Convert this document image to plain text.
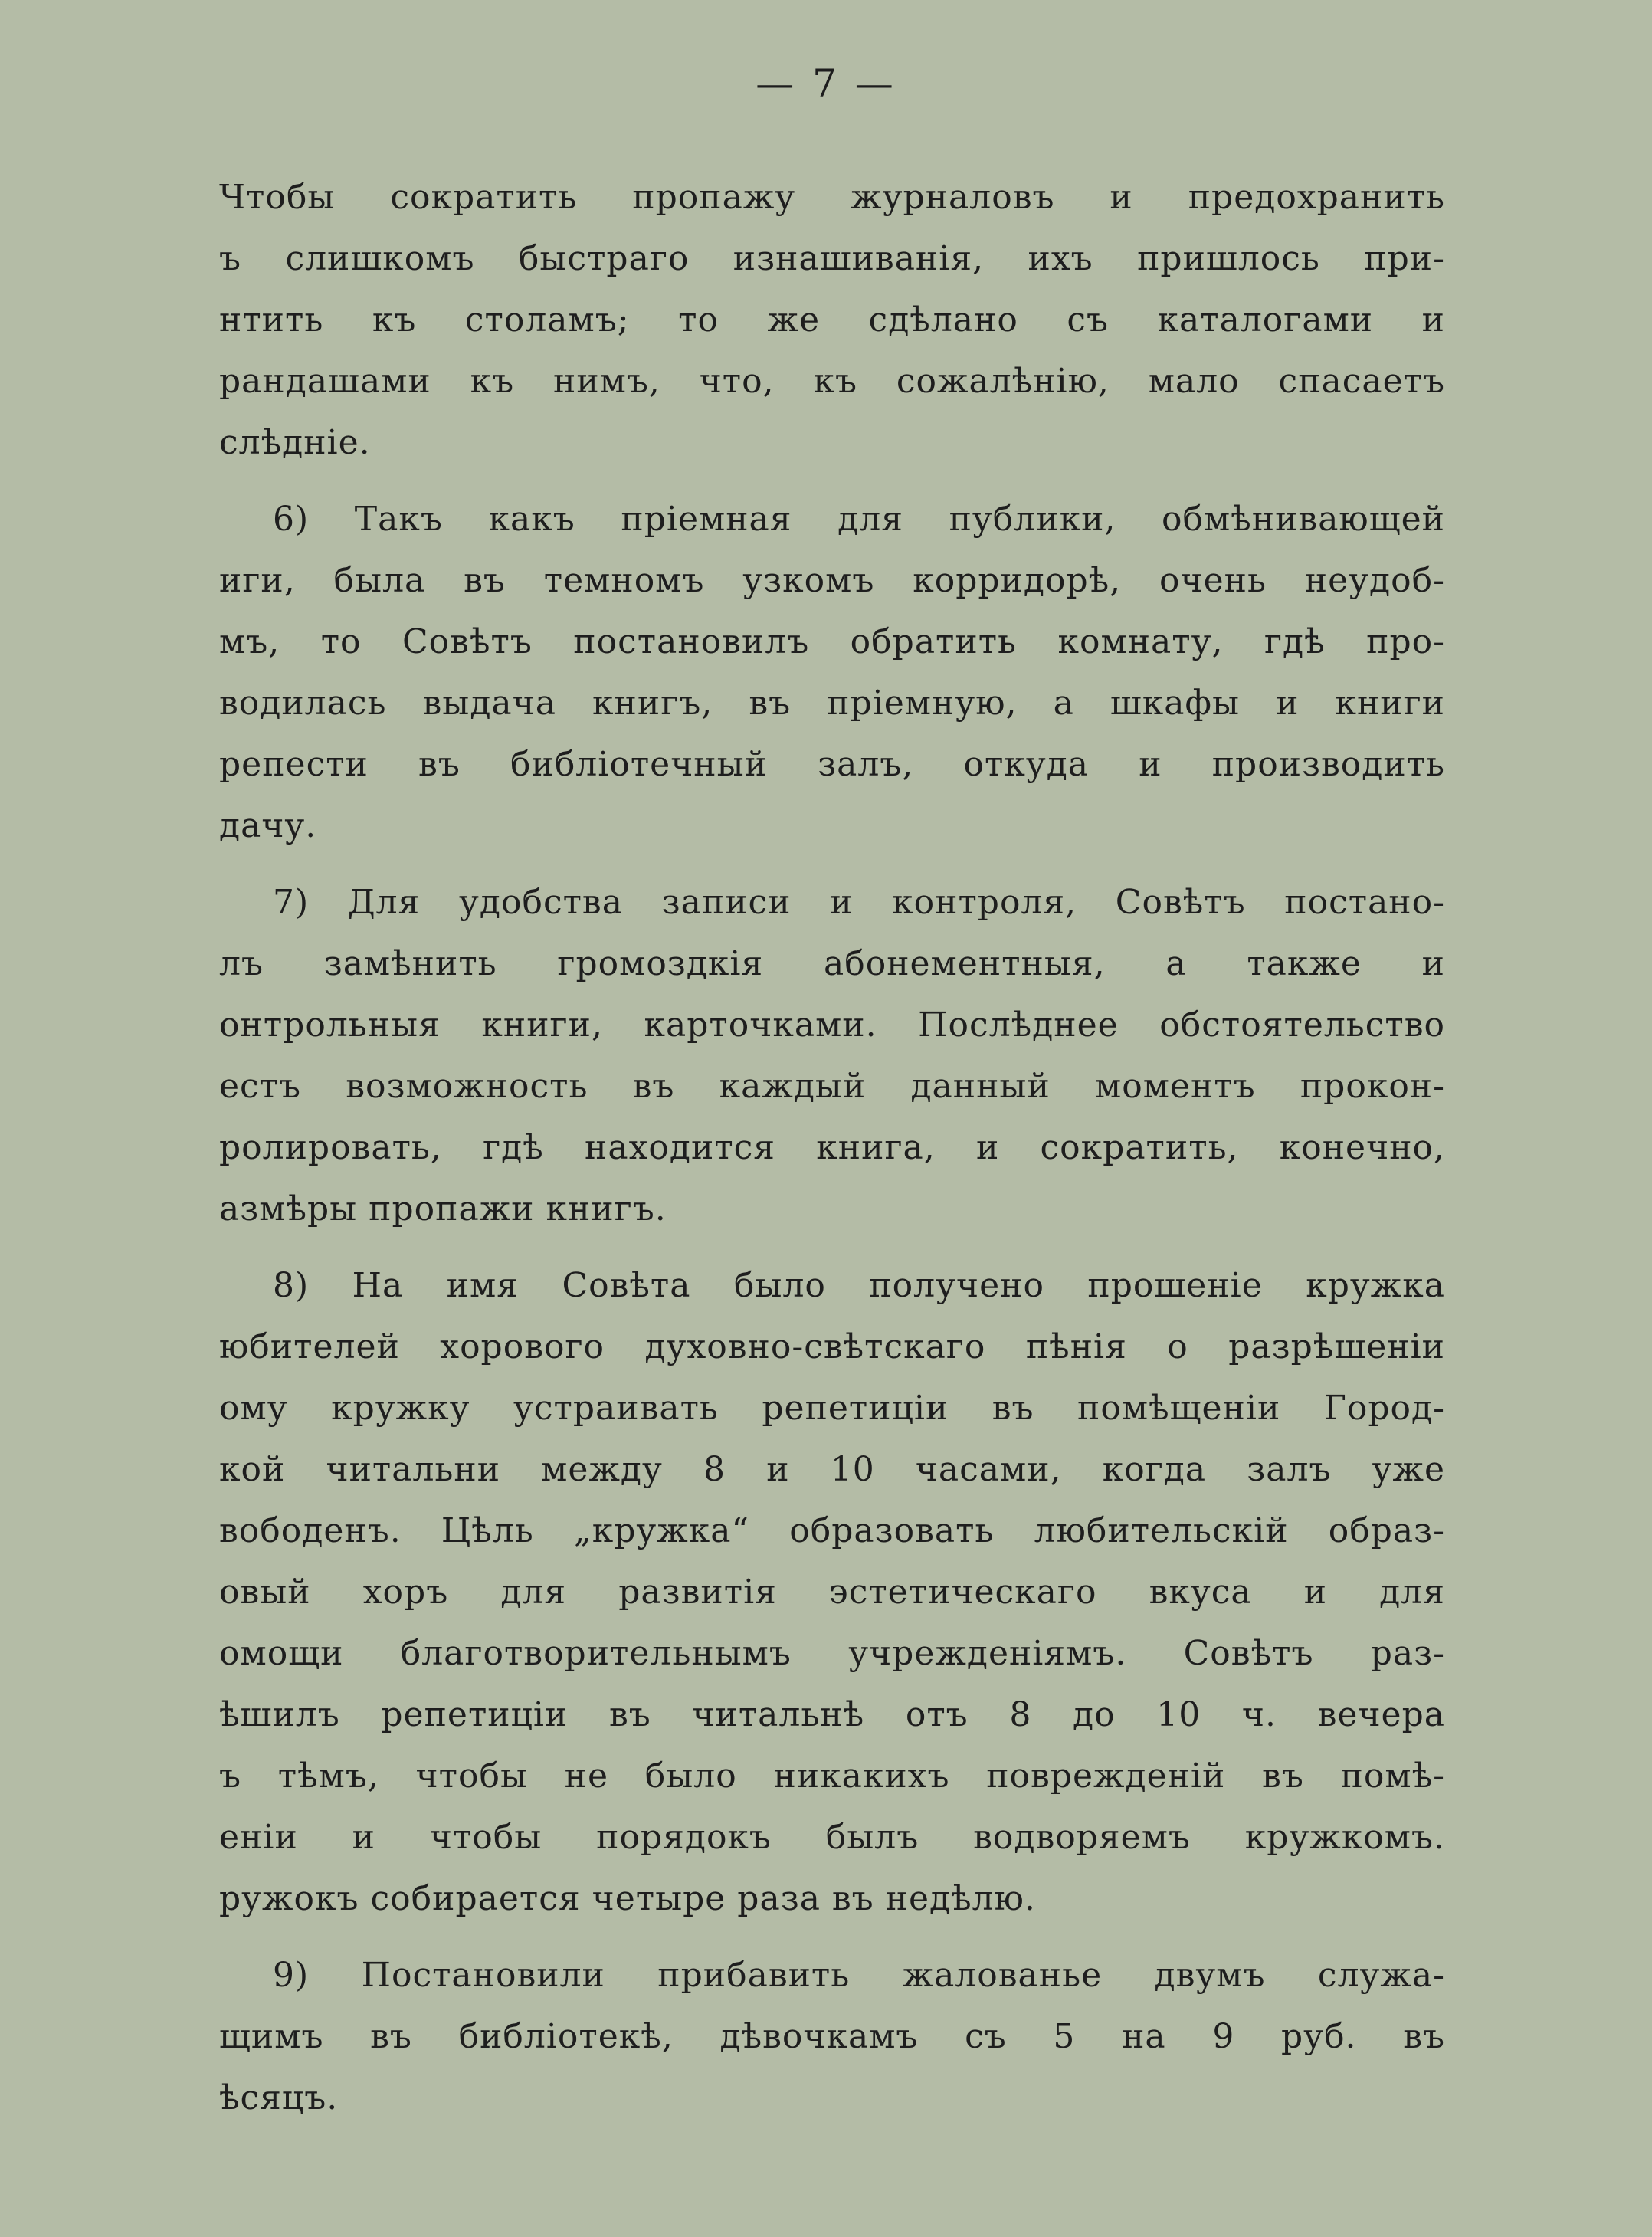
— 7 —
Чтобы сократить пропажу журналовъ и предохранить
ъ слишкомъ быстраго изнашиванія, ихъ пришлось при-
нтить къ столамъ; то же сдѣлано съ каталогами и
рандашами къ нимъ, что, къ сожалѣнію, мало спасаетъ
слѣдніе.
6) Такъ какъ пріемная для публики, обмѣнивающей
иги, была въ темномъ узкомъ корридорѣ, очень неудоб-
мъ, то Совѣтъ постановилъ обратить комнату, гдѣ про-
водилась выдача книгъ, въ пріемную, а шкафы и книги
репести въ библіотечный залъ, откуда и производить
дачу.
7) Для удобства записи и контроля, Совѣтъ постано-
лъ замѣнить громоздкія абонементныя, а также и
онтрольныя книги, карточками. Послѣднее обстоятельство
естъ возможность въ каждый данный моментъ прокон-
ролировать, гдѣ находится книга, и сократить, конечно,
азмѣры пропажи книгъ.
8) На имя Совѣта было получено прошеніе кружка
юбителей хорового духовно-свѣтскаго пѣнія о разрѣшеніи
ому кружку устраивать репетиціи въ помѣщеніи Город-
кой читальни между 8 и 10 часами, когда залъ уже
вободенъ. Цѣль „кружка“ образовать любительскій образ-
овый хоръ для развитія эстетическаго вкуса и для
омощи благотворительнымъ учрежденіямъ. Совѣтъ раз-
ѣшилъ репетиціи въ читальнѣ отъ 8 до 10 ч. вечера
ъ тѣмъ, чтобы не было никакихъ поврежденій въ помѣ-
еніи и чтобы порядокъ былъ водворяемъ кружкомъ.
ружокъ собирается четыре раза въ недѣлю.
9) Постановили прибавить жалованье двумъ служа-
щимъ въ библіотекѣ, дѣвочкамъ съ 5 на 9 руб. въ
ѣсяцъ.
